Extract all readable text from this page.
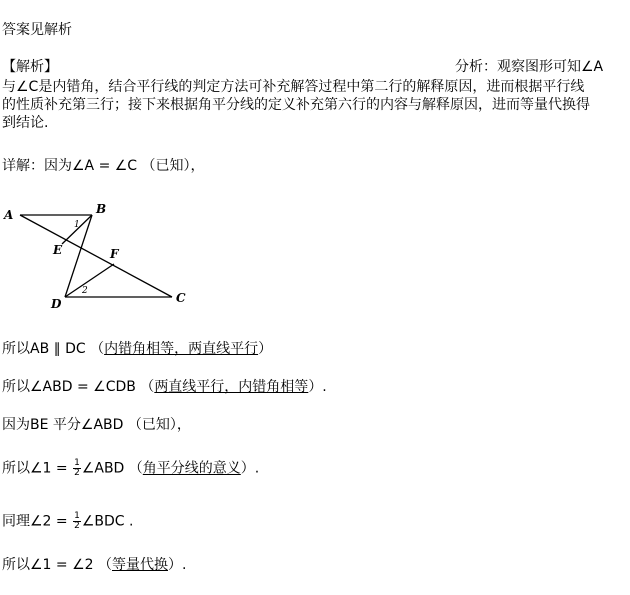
答案见解析
【解析】	分析：观察图形可知∠A
与∠C是内错角，结合平行线的判定方法可补充解答过程中第二行的解释原因，进而根据平行线
的性质补充第三行；接下来根据角平分线的定义补充第六行的内容与解释原因，进而等量代换得
到结论.
详解：因为∠A = ∠C （已知），
A	B
C
D
E	F
1
2
所以AB ∥ DC （内错角相等，两直线平行）
所以∠ABD = ∠CDB （两直线平行，内错角相等）.
因为BE 平分∠ABD （已知），
所以∠1 = $\frac{1}{2}$ ∠ABD （角平分线的意义）.
同理∠2 = $\frac{1}{2}$ ∠BDC .
所以∠1 = ∠2 （等量代换）.
